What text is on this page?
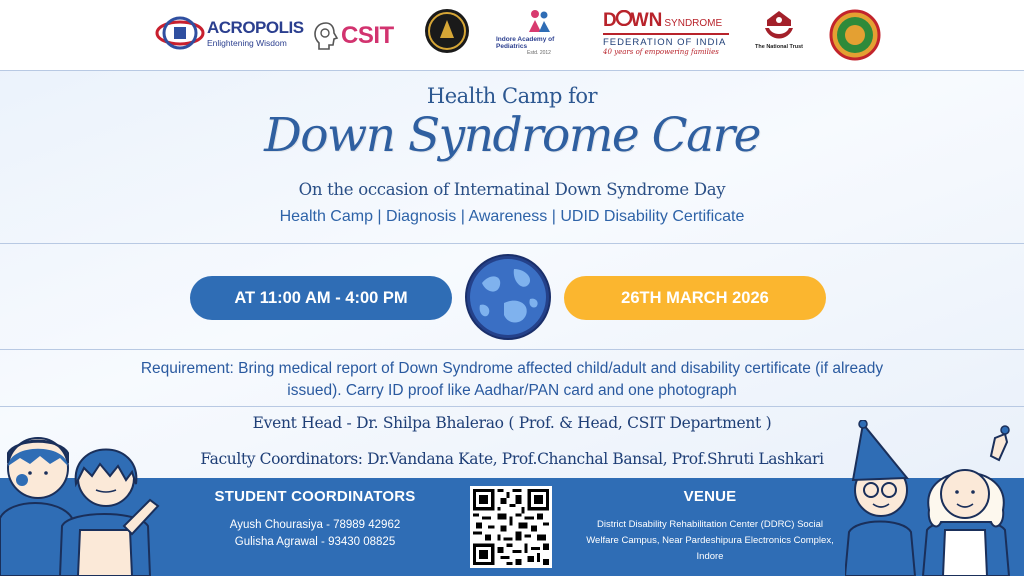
ACROPOLIS
Enlightening Wisdom	CSIT	Indore Academy of Pediatrics
Estd. 2012
D WN SYNDROME
FEDERATION OF INDIA
40 years of empowering families
The National Trust
Health Camp for
Down Syndrome Care
On the occasion of Internatinal Down Syndrome Day
Health Camp | Diagnosis | Awareness | UDID Disability Certificate
AT 11:00 AM - 4:00 PM	26TH MARCH 2026
Requirement: Bring medical report of Down Syndrome affected child/adult and disability certificate (if already issued). Carry ID proof like Aadhar/PAN card and one photograph
Event Head - Dr. Shilpa Bhalerao ( Prof. & Head, CSIT Department )
Faculty Coordinators: Dr.Vandana Kate, Prof.Chanchal Bansal, Prof.Shruti Lashkari
STUDENT COORDINATORS
Ayush Chourasiya - 78989 42962
Gulisha Agrawal - 93430 08825
VENUE
District Disability Rehabilitation Center (DDRC) Social
Welfare Campus, Near Pardeshipura Electronics Complex,
Indore
